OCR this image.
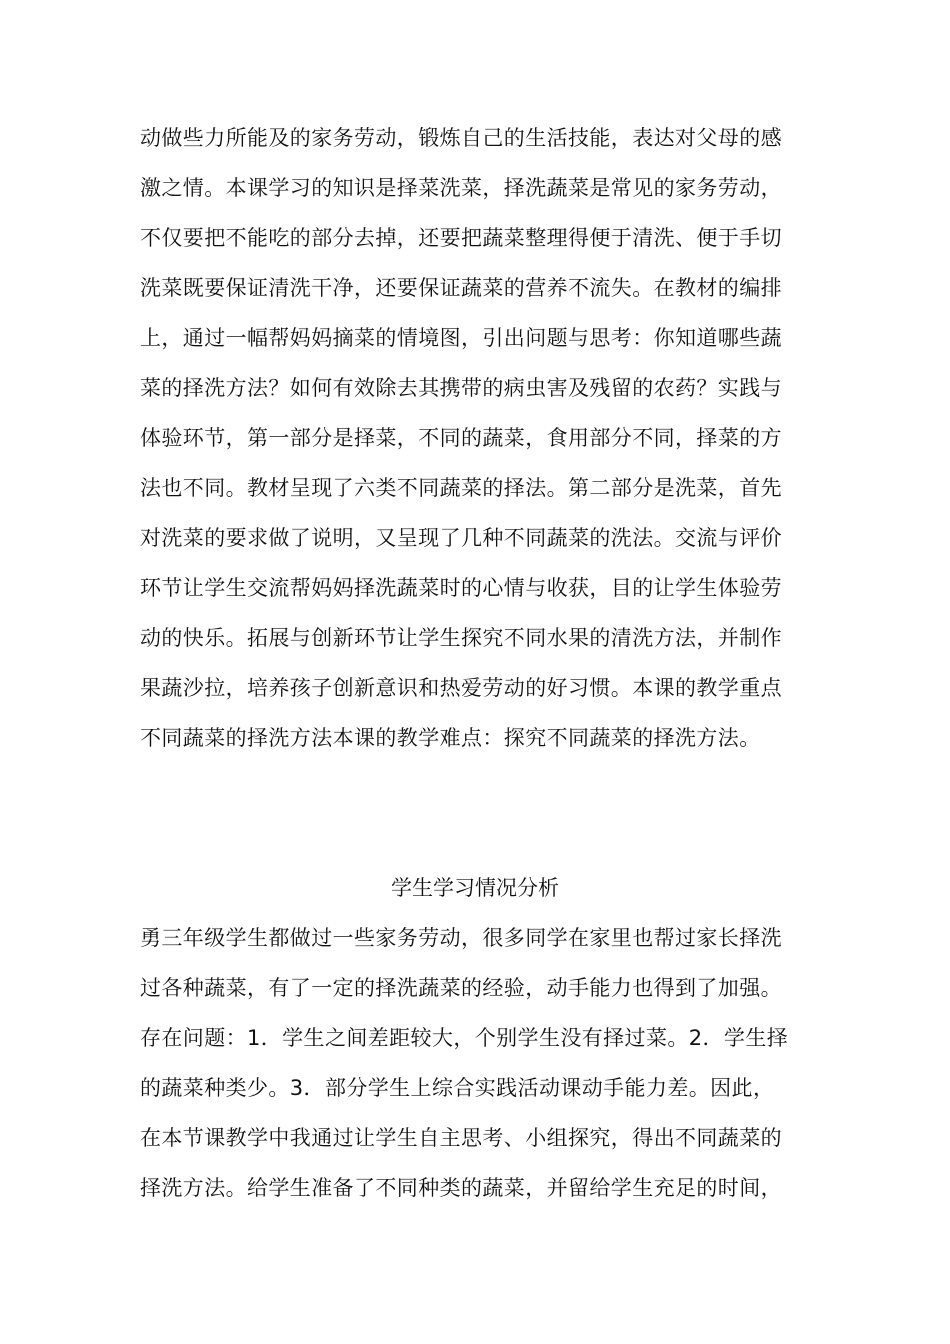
动做些力所能及的家务劳动，锻炼自己的生活技能，表达对父母的感
激之情。本课学习的知识是择菜洗菜，择洗蔬菜是常见的家务劳动，
不仅要把不能吃的部分去掉，还要把蔬菜整理得便于清洗、便于手切
洗菜既要保证清洗干净，还要保证蔬菜的营养不流失。在教材的编排
上，通过一幅帮妈妈摘菜的情境图，引出问题与思考：你知道哪些蔬
菜的择洗方法？如何有效除去其携带的病虫害及残留的农药？实践与
体验环节，第一部分是择菜，不同的蔬菜，食用部分不同，择菜的方
法也不同。教材呈现了六类不同蔬菜的择法。第二部分是洗菜，首先
对洗菜的要求做了说明，又呈现了几种不同蔬菜的洗法。交流与评价
环节让学生交流帮妈妈择洗蔬菜时的心情与收获，目的让学生体验劳
动的快乐。拓展与创新环节让学生探究不同水果的清洗方法，并制作
果蔬沙拉，培养孩子创新意识和热爱劳动的好习惯。本课的教学重点
不同蔬菜的择洗方法本课的教学难点：探究不同蔬菜的择洗方法。
学生学习情况分析
勇三年级学生都做过一些家务劳动，很多同学在家里也帮过家长择洗
过各种蔬菜，有了一定的择洗蔬菜的经验，动手能力也得到了加强。
存在问题：1．学生之间差距较大，个别学生没有择过菜。2．学生择
的蔬菜种类少。3．部分学生上综合实践活动课动手能力差。因此，
在本节课教学中我通过让学生自主思考、小组探究，得出不同蔬菜的
择洗方法。给学生准备了不同种类的蔬菜，并留给学生充足的时间，
